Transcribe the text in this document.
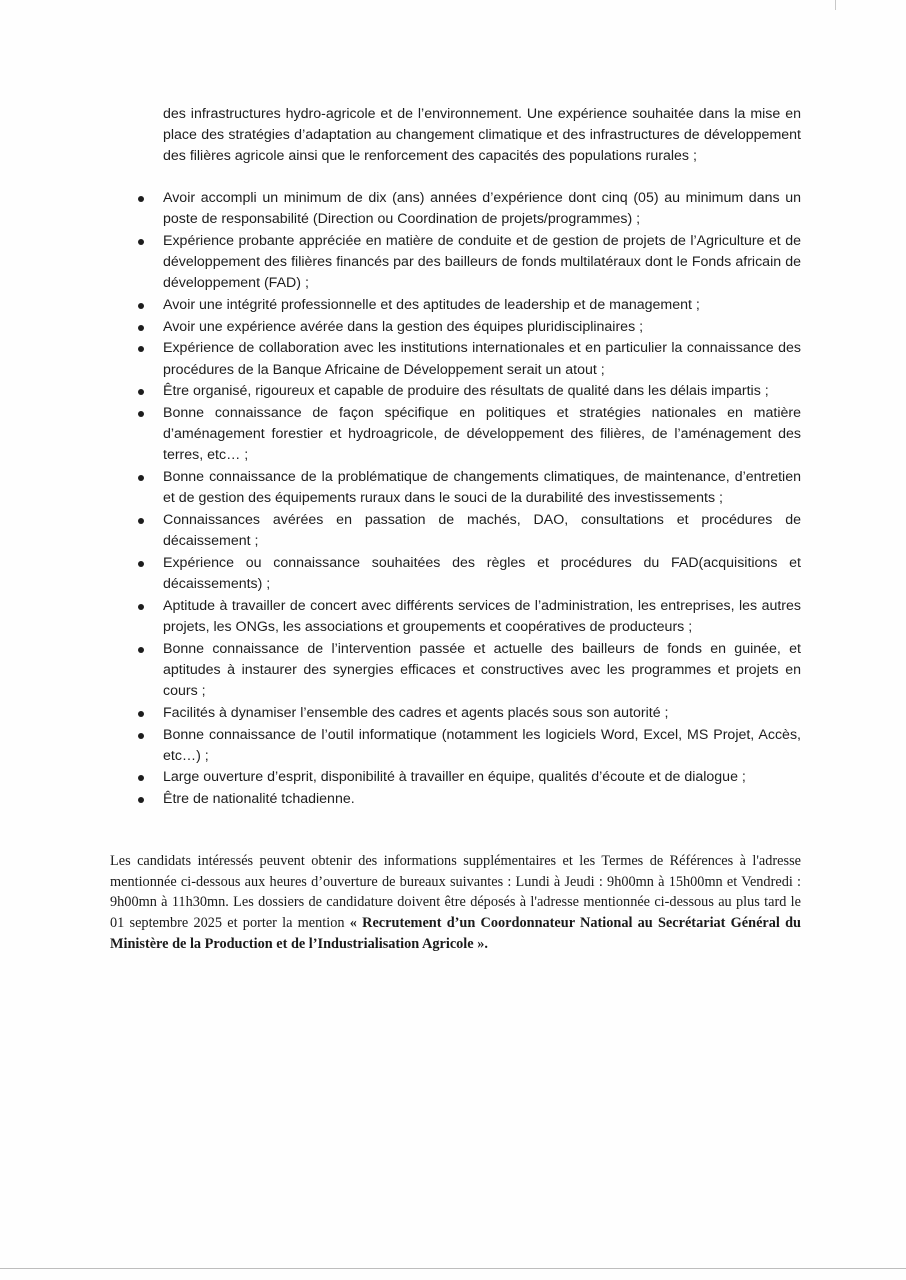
des infrastructures hydro-agricole et de l’environnement. Une expérience souhaitée dans la mise en place des stratégies d’adaptation au changement climatique et des infrastructures de développement des filières agricole ainsi que le renforcement des capacités des populations rurales ;

Avoir accompli un minimum de dix (ans) années d’expérience dont cinq (05) au minimum dans un poste de responsabilité (Direction ou Coordination de projets/programmes) ;
Expérience probante appréciée en matière de conduite et de gestion de projets de l’Agriculture et de développement des filières financés par des bailleurs de fonds multilatéraux dont le Fonds africain de développement (FAD) ;
Avoir une intégrité professionnelle et des aptitudes de leadership et de management ;
Avoir une expérience avérée dans la gestion des équipes pluridisciplinaires ;
Expérience de collaboration avec les institutions internationales et en particulier la connaissance des procédures de la Banque Africaine de Développement serait un atout ;
Être organisé, rigoureux et capable de produire des résultats de qualité dans les délais impartis ;
Bonne connaissance de façon spécifique en politiques et stratégies nationales en matière d’aménagement forestier et hydroagricole, de développement des filières, de l’aménagement des terres, etc… ;
Bonne connaissance de la problématique de changements climatiques, de maintenance, d’entretien et de gestion des équipements ruraux dans le souci de la durabilité des investissements ;
Connaissances avérées en passation de machés, DAO, consultations et procédures de décaissement ;
Expérience ou connaissance souhaitées des règles et procédures du FAD(acquisitions et décaissements) ;
Aptitude à travailler de concert avec différents services de l’administration, les entreprises, les autres projets, les ONGs, les associations et groupements et coopératives de producteurs ;
Bonne connaissance de l’intervention passée et actuelle des bailleurs de fonds en guinée, et aptitudes à instaurer des synergies efficaces et constructives avec les programmes et projets en cours ;
Facilités à dynamiser l’ensemble des cadres et agents placés sous son autorité ;
Bonne connaissance de l’outil informatique (notamment les logiciels Word, Excel, MS Projet, Accès, etc…) ;
Large ouverture d’esprit, disponibilité à travailler en équipe, qualités d’écoute et de dialogue ;
Être de nationalité tchadienne.

Les candidats intéressés peuvent obtenir des informations supplémentaires et les Termes de Références à l'adresse mentionnée ci-dessous aux heures d’ouverture de bureaux suivantes : Lundi à Jeudi : 9h00mn à 15h00mn et Vendredi : 9h00mn à 11h30mn. Les dossiers de candidature doivent être déposés à l'adresse mentionnée ci-dessous au plus tard le 01 septembre 2025 et porter la mention « Recrutement d’un Coordonnateur National au Secrétariat Général du Ministère de la Production et de l’Industrialisation Agricole ».
